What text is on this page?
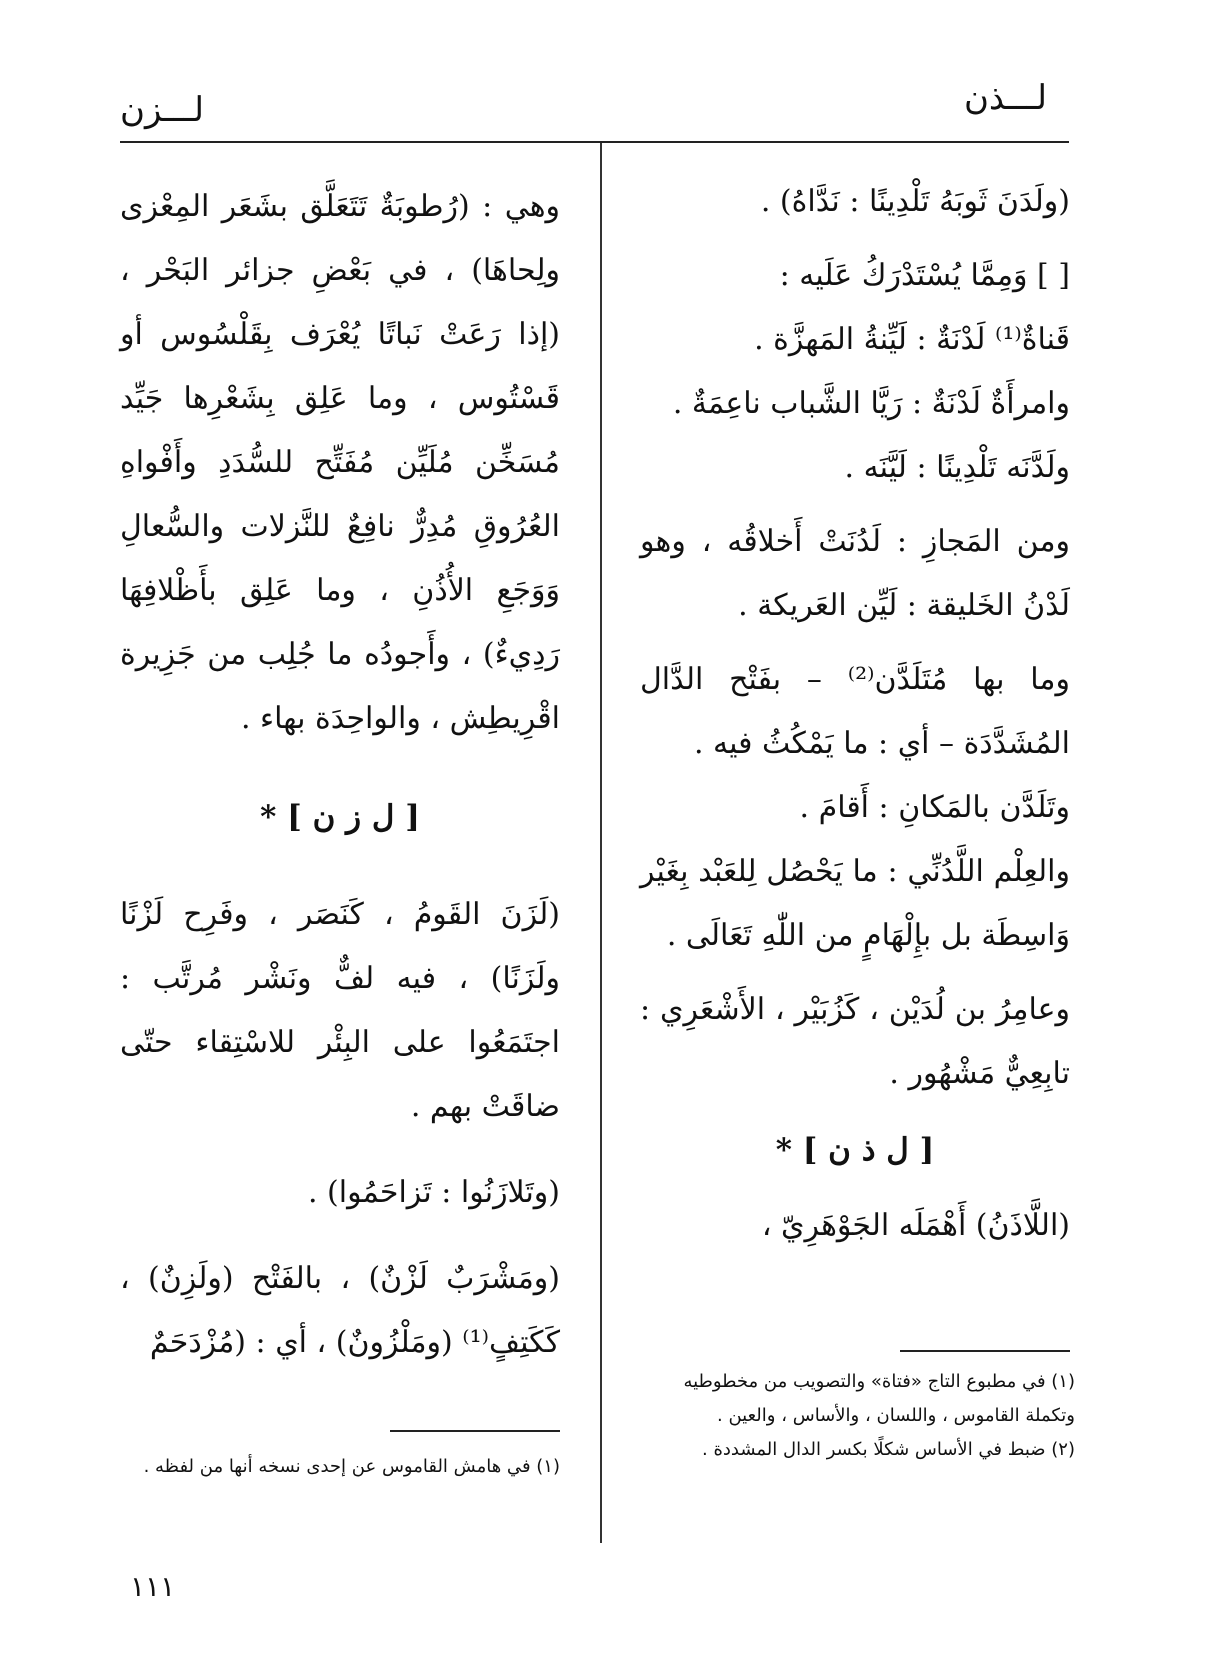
لـــذن
لـــزن

(ولَدَنَ ثَوبَهُ تَلْدِينًا : نَدَّاهُ) .

[ ] وَمِمَّا يُسْتَدْرَكُ عَلَيه :

قَناةٌ⁽¹⁾ لَدْنَةٌ : لَيِّنةُ المَهزَّة .

وامرأَةٌ لَدْنَةٌ : رَيَّا الشَّباب ناعِمَةٌ .

ولَدَّنَه تَلْدِينًا : لَيَّنَه .

ومن المَجازِ : لَدُنَتْ أَخلاقُه ، وهو لَدْنُ الخَليقة : لَيِّن العَريكة .

وما بها مُتَلَدَّن⁽²⁾ – بفَتْح الدَّال المُشَدَّدَة – أي : ما يَمْكُثُ فيه .

وتَلَدَّن بالمَكانِ : أَقامَ .

والعِلْم اللَّدُنِّي : ما يَحْصُل لِلعَبْد بِغَيْر وَاسِطَة بل بإِلْهَامٍ من اللّٰهِ تَعَالَى .

وعامِرُ بن لُدَيْن ، كَزُبَيْر ، الأَشْعَرِي : تابِعِيٌّ مَشْهُور .

[ ل ذ ن ] *

(اللَّاذَنُ) أَهْمَلَه الجَوْهَرِيّ ،

وهي : (رُطوبَةٌ تَتَعَلَّق بشَعَر المِعْزى ولِحاهَا) ، في بَعْضِ جزائر البَحْر ، (إذا رَعَتْ نَباتًا يُعْرَف بِقَلْسُوس أو قَسْتُوس ، وما عَلِق بِشَعْرِها جَيِّد مُسَخِّن مُلَيِّن مُفَتِّح للسُّدَدِ وأَفْواهِ العُرُوقِ مُدِرٌّ نافِعٌ للنَّزلات والسُّعالِ وَوَجَعِ الأُذُنِ ، وما عَلِق بأَظْلافِهَا رَدِيءٌ) ، وأَجودُه ما جُلِب من جَزِيرة اقْرِيطِش ، والواحِدَة بهاء .

[ ل ز ن ] *

(لَزَنَ القَومُ ، كَنَصَر ، وفَرِح لَزْنًا ولَزَنًا) ، فيه لفٌّ ونَشْر مُرتَّب : اجتَمَعُوا على البِئْر للاسْتِقاء حتّى ضاقَتْ بهم .

(وتَلازَنُوا : تَزاحَمُوا) .

(ومَشْرَبٌ لَزْنٌ) ، بالفَتْح (ولَزِنٌ) ، كَكَتِفٍ⁽¹⁾ (ومَلْزُونٌ) ، أي : (مُزْدَحَمٌ

(١) في مطبوع التاج «فتاة» والتصويب من مخطوطيه وتكملة القاموس ، واللسان ، والأساس ، والعين .

(٢) ضبط في الأساس شكلًا بكسر الدال المشددة .

(١) في هامش القاموس عن إحدى نسخه أنها من لفظه .

١١١
